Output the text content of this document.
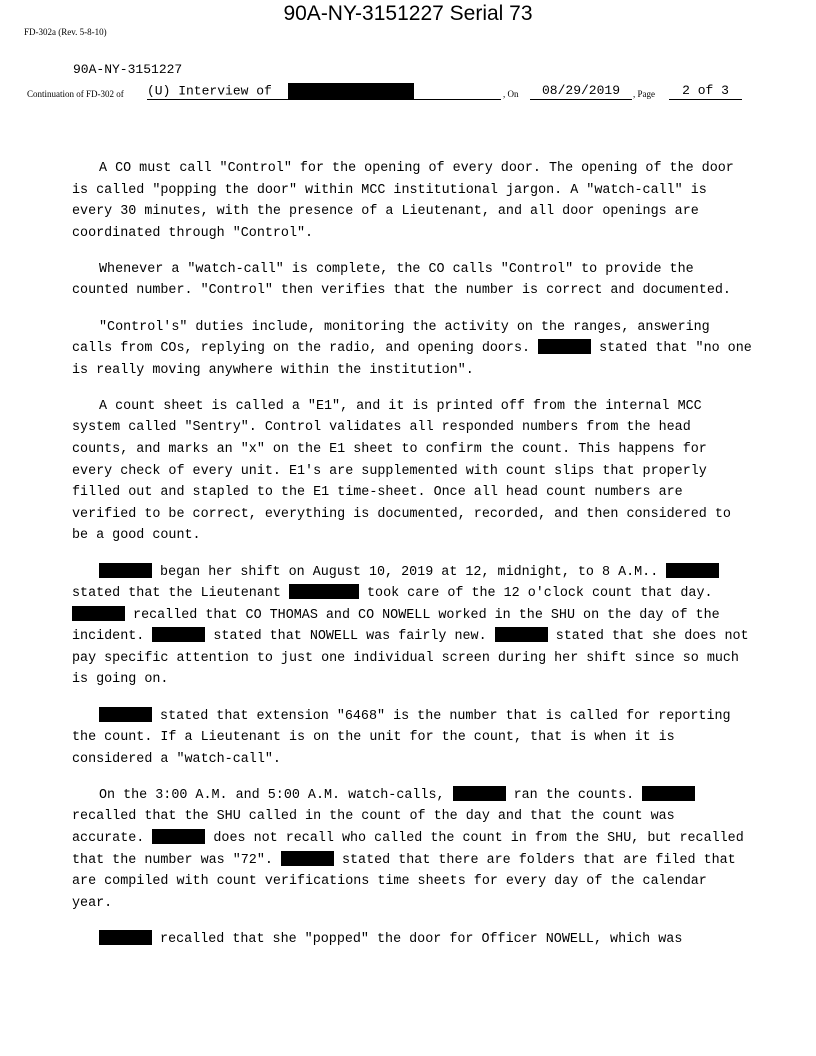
90A-NY-3151227 Serial 73
FD-302a (Rev. 5-8-10)
90A-NY-3151227
Continuation of FD-302 of (U) Interview of	, On	08/29/2019	, Page	2 of 3

A CO must call "Control" for the opening of every door. The opening of the door is called "popping the door" within MCC institutional jargon. A "watch-call" is every 30 minutes, with the presence of a Lieutenant, and all door openings are coordinated through "Control".

Whenever a "watch-call" is complete, the CO calls "Control" to provide the counted number. "Control" then verifies that the number is correct and documented.

"Control's" duties include, monitoring the activity on the ranges, answering calls from COs, replying on the radio, and opening doors.	stated that "no one is really moving anywhere within the institution".

A count sheet is called a "E1", and it is printed off from the internal MCC system called "Sentry". Control validates all responded numbers from the head counts, and marks an "x" on the E1 sheet to confirm the count. This happens for every check of every unit. E1's are supplemented with count slips that properly filled out and stapled to the E1 time-sheet. Once all head count numbers are verified to be correct, everything is documented, recorded, and then considered to be a good count.

began her shift on August 10, 2019 at 12, midnight, to 8 A.M..  stated that the Lieutenant	took care of the 12 o'clock count that day.  recalled that CO THOMAS and CO NOWELL worked in the SHU on the day of the incident.	stated that NOWELL was fairly new.	stated that she does not pay specific attention to just one individual screen during her shift since so much is going on.

stated that extension "6468" is the number that is called for reporting the count. If a Lieutenant is on the unit for the count, that is when it is considered a "watch-call".

On the 3:00 A.M. and 5:00 A.M. watch-calls,	ran the counts.  recalled that the SHU called in the count of the day and that the count was accurate.	does not recall who called the count in from the SHU, but recalled that the number was "72".	stated that there are folders that are filed that are compiled with count verifications time sheets for every day of the calendar year.

recalled that she "popped" the door for Officer NOWELL, which was
